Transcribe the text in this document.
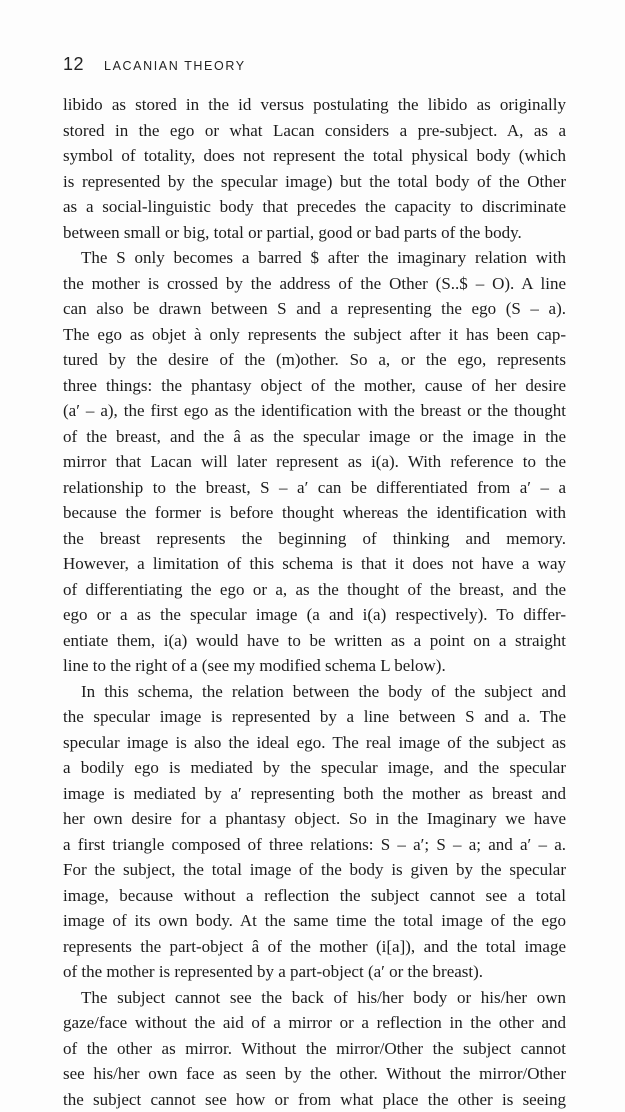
12 LACANIAN THEORY
libido as stored in the id versus postulating the libido as originally
stored in the ego or what Lacan considers a pre-subject. A, as a
symbol of totality, does not represent the total physical body (which
is represented by the specular image) but the total body of the Other
as a social-linguistic body that precedes the capacity to discriminate
between small or big, total or partial, good or bad parts of the body.
The S only becomes a barred $ after the imaginary relation with
the mother is crossed by the address of the Other (S..$ – O). A line
can also be drawn between S and a representing the ego (S – a).
The ego as objet à only represents the subject after it has been cap-
tured by the desire of the (m)other. So a, or the ego, represents
three things: the phantasy object of the mother, cause of her desire
(a′ – a), the first ego as the identification with the breast or the thought
of the breast, and the â as the specular image or the image in the
mirror that Lacan will later represent as i(a). With reference to the
relationship to the breast, S – a′ can be differentiated from a′ – a
because the former is before thought whereas the identification with
the breast represents the beginning of thinking and memory.
However, a limitation of this schema is that it does not have a way
of differentiating the ego or a, as the thought of the breast, and the
ego or a as the specular image (a and i(a) respectively). To differ-
entiate them, i(a) would have to be written as a point on a straight
line to the right of a (see my modified schema L below).
In this schema, the relation between the body of the subject and
the specular image is represented by a line between S and a. The
specular image is also the ideal ego. The real image of the subject as
a bodily ego is mediated by the specular image, and the specular
image is mediated by a′ representing both the mother as breast and
her own desire for a phantasy object. So in the Imaginary we have
a first triangle composed of three relations: S – a′; S – a; and a′ – a.
For the subject, the total image of the body is given by the specular
image, because without a reflection the subject cannot see a total
image of its own body. At the same time the total image of the ego
represents the part-object â of the mother (i[a]), and the total image
of the mother is represented by a part-object (a′ or the breast).
The subject cannot see the back of his/her body or his/her own
gaze/face without the aid of a mirror or a reflection in the other and
of the other as mirror. Without the mirror/Other the subject cannot
see his/her own face as seen by the other. Without the mirror/Other
the subject cannot see how or from what place the other is seeing
